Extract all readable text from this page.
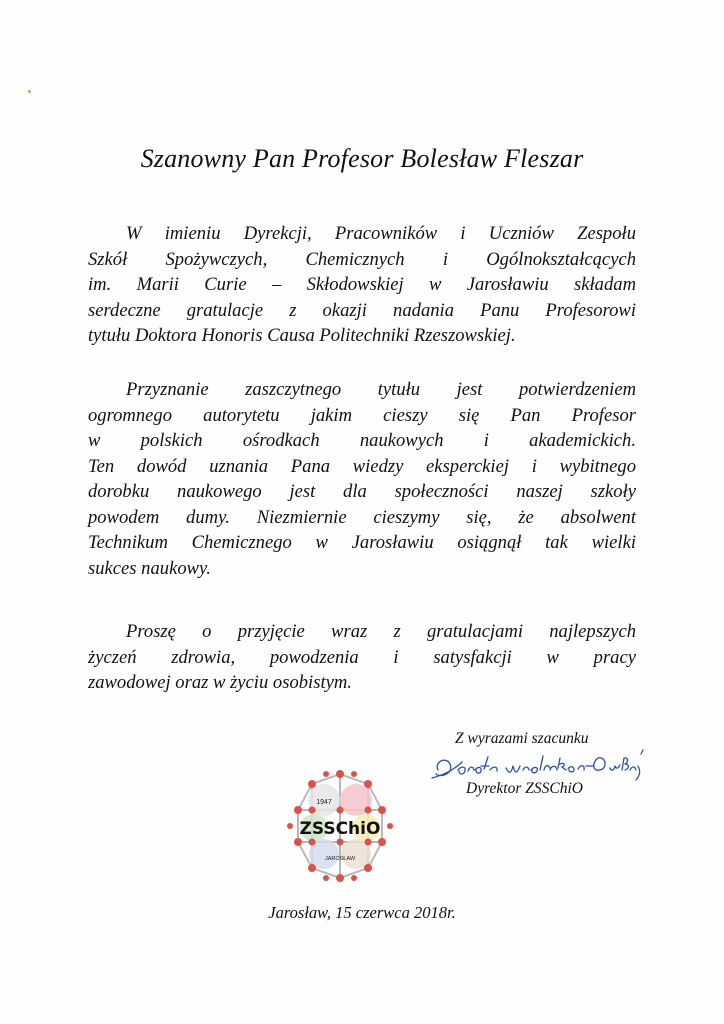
Szanowny Pan Profesor Bolesław Fleszar
W imieniu Dyrekcji, Pracowników i Uczniów Zespołu
Szkół Spożywczych, Chemicznych i Ogólnokształcących
im. Marii Curie – Skłodowskiej w Jarosławiu składam
serdeczne gratulacje z okazji nadania Panu Profesorowi
tytułu Doktora Honoris Causa Politechniki Rzeszowskiej.
Przyznanie zaszczytnego tytułu jest potwierdzeniem
ogromnego autorytetu jakim cieszy się Pan Profesor
w polskich ośrodkach naukowych i akademickich.
Ten dowód uznania Pana wiedzy eksperckiej i wybitnego
dorobku naukowego jest dla społeczności naszej szkoły
powodem dumy. Niezmiernie cieszymy się, że absolwent
Technikum Chemicznego w Jarosławiu osiągnął tak wielki
sukces naukowy.
Proszę o przyjęcie wraz z gratulacjami najlepszych
życzeń zdrowia, powodzenia i satysfakcji w pracy
zawodowej oraz w życiu osobistym.
Z wyrazami szacunku
Dyrektor ZSSChiO
1947
ZSSChiO
JAROSŁAW
Jarosław, 15 czerwca 2018r.
